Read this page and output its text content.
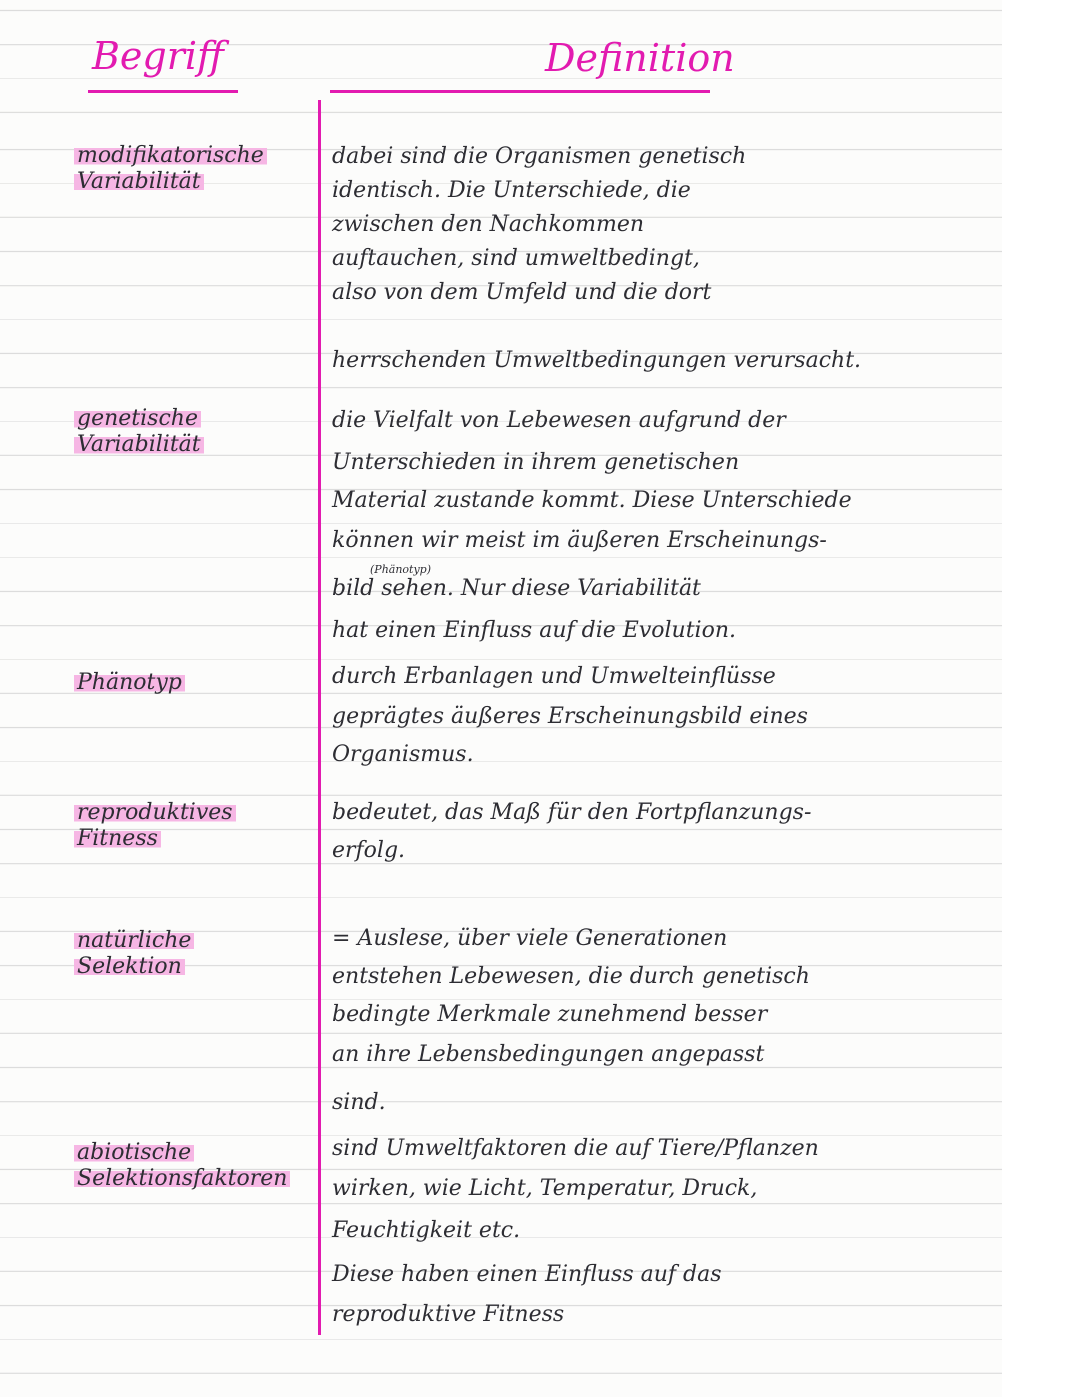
Begriff	Definition
modifikatorische
Variabilität
dabei sind die Organismen genetisch
identisch. Die Unterschiede, die
zwischen den Nachkommen
auftauchen, sind umweltbedingt,
also von dem Umfeld und die dort
herrschenden Umweltbedingungen verursacht.
genetische
Variabilität
die Vielfalt von Lebewesen aufgrund der
Unterschieden in ihrem genetischen
Material zustande kommt. Diese Unterschiede
können wir meist im äußeren Erscheinungs-
(Phänotyp)
bild sehen. Nur diese Variabilität
hat einen Einfluss auf die Evolution.
Phänotyp	durch Erbanlagen und Umwelteinflüsse
geprägtes äußeres Erscheinungsbild eines
Organismus.
reproduktives
Fitness
bedeutet, das Maß für den Fortpflanzungs-
erfolg.
natürliche
Selektion
= Auslese, über viele Generationen
entstehen Lebewesen, die durch genetisch
bedingte Merkmale zunehmend besser
an ihre Lebensbedingungen angepasst
sind.
abiotische
Selektionsfaktoren
sind Umweltfaktoren die auf Tiere/Pflanzen
wirken, wie Licht, Temperatur, Druck,
Feuchtigkeit etc.
Diese haben einen Einfluss auf das
reproduktive Fitness
